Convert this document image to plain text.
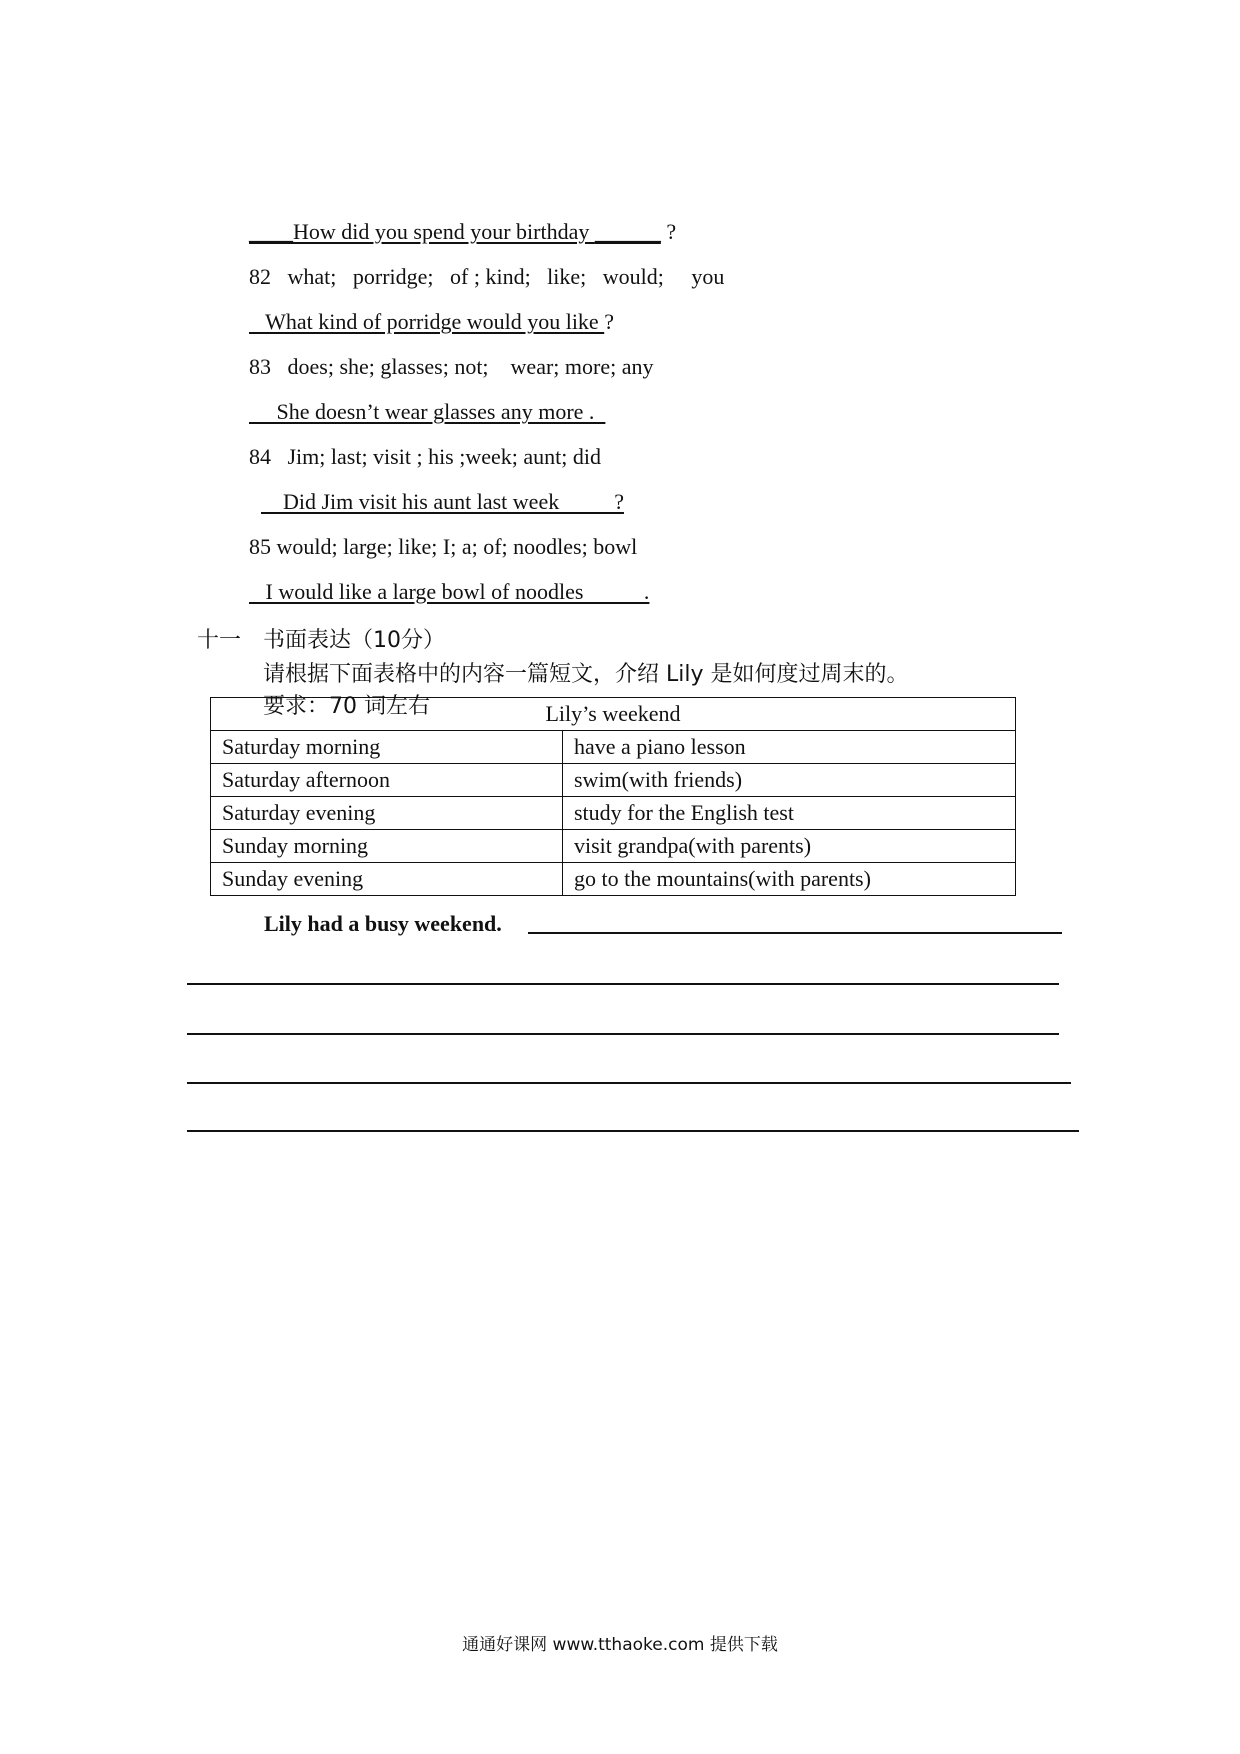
____How did you spend your birthday ______ ?

82 what;   porridge;   of ; kind;   like;   would;     you

What kind of porridge would you like ?

83 does; she; glasses; not;    wear; more; any

She doesn’t wear glasses any more .

84 Jim; last; visit ; his ;week; aunt; did

Did Jim visit his aunt last week          ?

85 would; large; like; I; a; of; noodles; bowl

I would like a large bowl of noodles           .

十一 书面表达（10分）

请根据下面表格中的内容一篇短文，介绍 Lily 是如何度过周末的。

要求：70 词左右	Lily’s weekend	
Saturday morning	have a piano lesson
Saturday afternoon	swim(with friends)
Saturday evening	study for the English test
Sunday morning	visit grandpa(with parents)
Sunday evening	go to the mountains(with parents)
Lily had a busy weekend.
通通好课网 www.tthaoke.com 提供下载
